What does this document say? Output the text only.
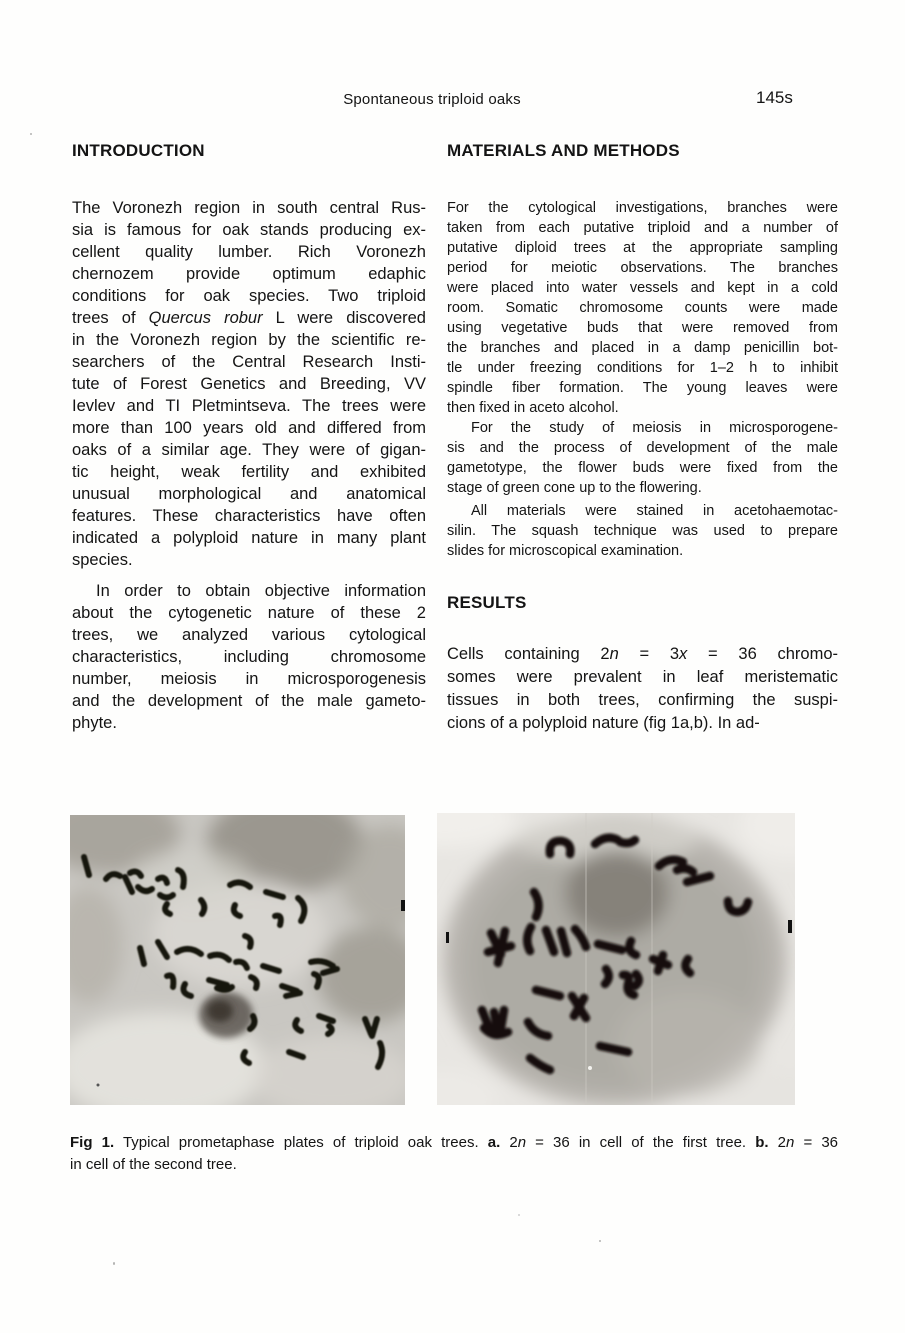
Spontaneous triploid oaks	145s
INTRODUCTION
The Voronezh region in south central Rus-
sia is famous for oak stands producing ex-
cellent quality lumber. Rich Voronezh
chernozem provide optimum edaphic
conditions for oak species. Two triploid
trees of Quercus robur L were discovered
in the Voronezh region by the scientific re-
searchers of the Central Research Insti-
tute of Forest Genetics and Breeding, VV
Ievlev and TI Pletmintseva. The trees were
more than 100 years old and differed from
oaks of a similar age. They were of gigan-
tic height, weak fertility and exhibited
unusual morphological and anatomical
features. These characteristics have often
indicated a polyploid nature in many plant
species.
In order to obtain objective information
about the cytogenetic nature of these 2
trees, we analyzed various cytological
characteristics, including chromosome
number, meiosis in microsporogenesis
and the development of the male gameto-
phyte.
MATERIALS AND METHODS
For the cytological investigations, branches were
taken from each putative triploid and a number of
putative diploid trees at the appropriate sampling
period for meiotic observations. The branches
were placed into water vessels and kept in a cold
room. Somatic chromosome counts were made
using vegetative buds that were removed from
the branches and placed in a damp penicillin bot-
tle under freezing conditions for 1–2 h to inhibit
spindle fiber formation. The young leaves were
then fixed in aceto alcohol.
For the study of meiosis in microsporogene-
sis and the process of development of the male
gametotype, the flower buds were fixed from the
stage of green cone up to the flowering.
All materials were stained in acetohaemotac-
silin. The squash technique was used to prepare
slides for microscopical examination.
RESULTS
Cells containing 2n = 3x = 36 chromo-
somes were prevalent in leaf meristematic
tissues in both trees, confirming the suspi-
cions of a polyploid nature (fig 1a,b). In ad-
Fig 1. Typical prometaphase plates of triploid oak trees. a. 2n = 36 in cell of the first tree. b. 2n = 36
in cell of the second tree.
